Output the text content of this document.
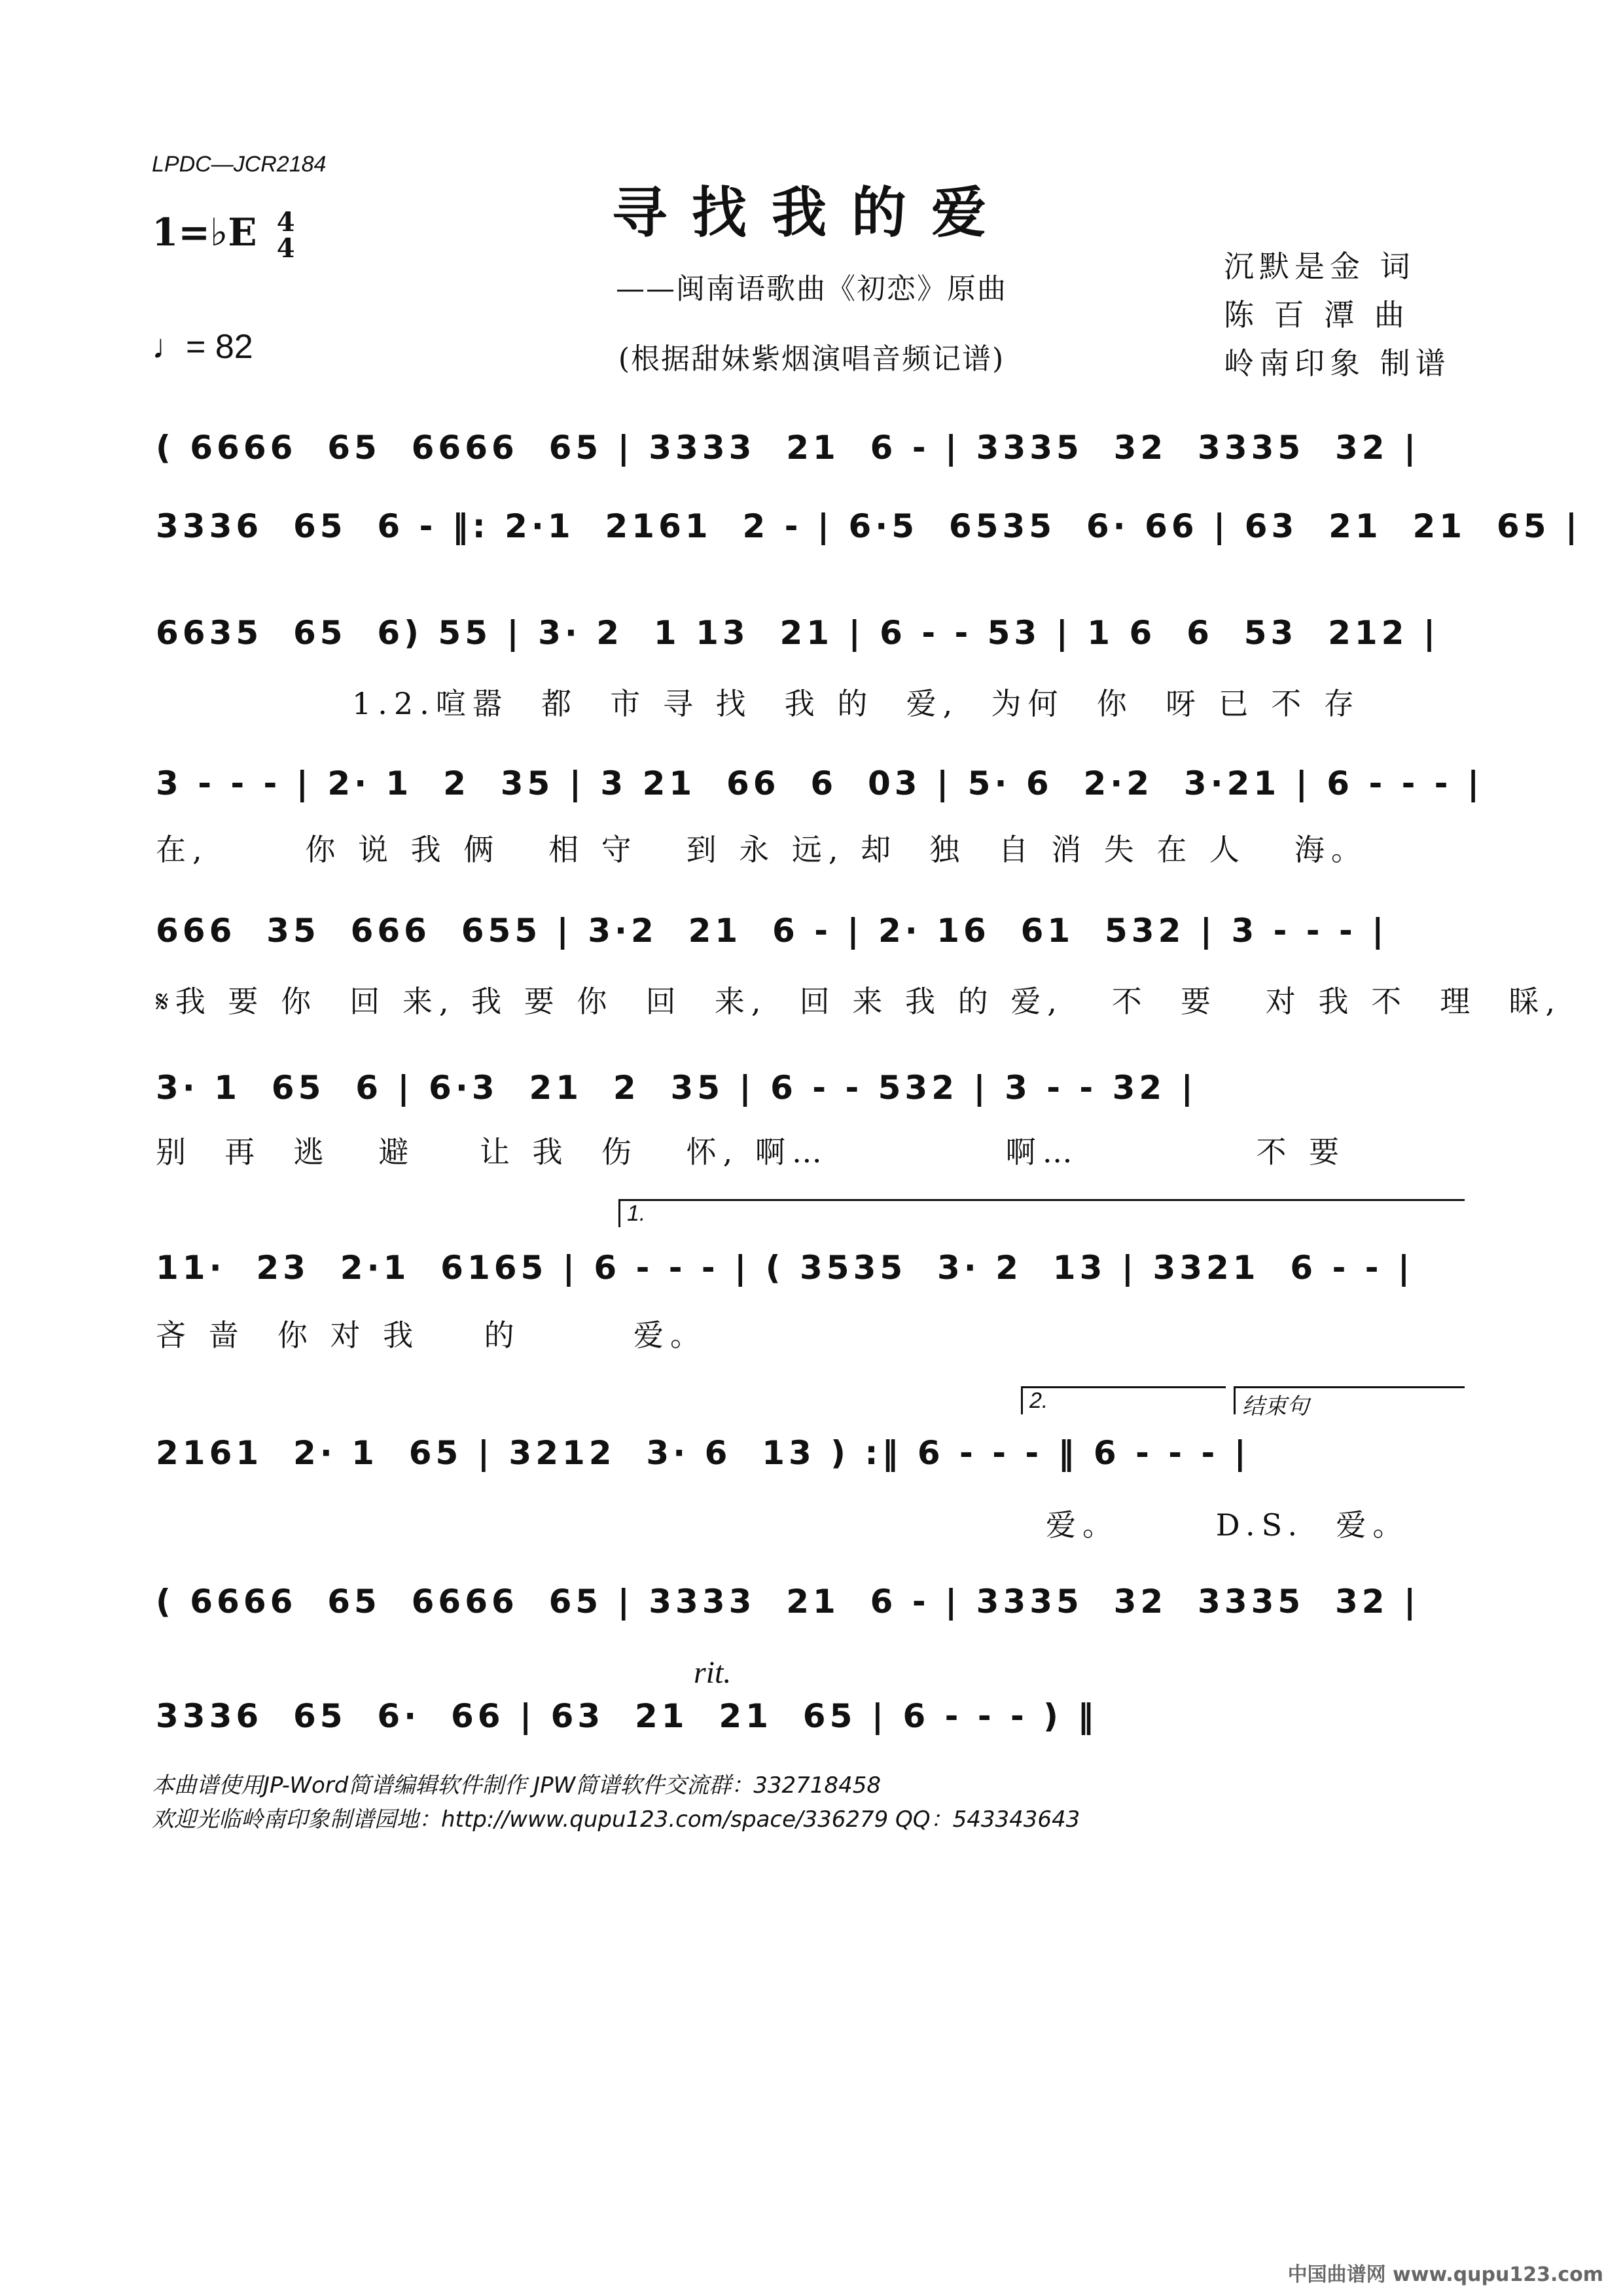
LPDC—JCR2184
寻找我的爱
——闽南语歌曲《初恋》原曲
(根据甜妹紫烟演唱音频记谱)
1=♭E 4
4
♩= 82
沉默是金 词
陈 百 潭 曲
岭南印象 制谱
( 6666  65  6666  65 | 3333  21  6 - | 3335  32  3335  32 |
3336  65  6 - ‖: 2·1  2161  2 - | 6·5  6535  6· 66 | 63  21  21  65 |
6635  65  6) 55 | 3· 2  1 13  21 | 6 - - 53 | 1 6  6  53  212 |
1.2.喧嚣  都  市 寻 找  我 的  爱,  为何  你  呀 已 不 存
3 - - - | 2· 1  2  35 | 3 21  66  6  03 | 5· 6  2·2  3·21 | 6 - - - |
在,      你 说 我 俩   相 守   到 永 远, 却  独  自 消 失 在 人   海。
666  35  666  655 | 3·2  21  6 - | 2· 16  61  532 | 3 - - - |
𝄋我 要 你  回 来, 我 要 你  回  来,  回 来 我 的 爱,   不  要   对 我 不  理  睬,
3· 1  65  6 | 6·3  21  2  35 | 6 - - 532 | 3 - - 32 |
别  再  逃   避    让 我  伤   怀, 啊…           啊…           不 要
1.
11·  23  2·1  6165 | 6 - - - | ( 3535  3· 2  13 | 3321  6 - - |
吝 啬  你 对 我    的       爱。
2.	结束句
2161  2· 1  65 | 3212  3· 6  13 ) :‖ 6 - - - ‖ 6 - - - |
爱。      D.S.  爱。
( 6666  65  6666  65 | 3333  21  6 - | 3335  32  3335  32 |
rit.
3336  65  6·  66 | 63  21  21  65 | 6 - - - ) ‖
本曲谱使用JP-Word简谱编辑软件制作 JPW简谱软件交流群：332718458
欢迎光临岭南印象制谱园地：http://www.qupu123.com/space/336279 QQ：543343643
中国曲谱网 www.qupu123.com
